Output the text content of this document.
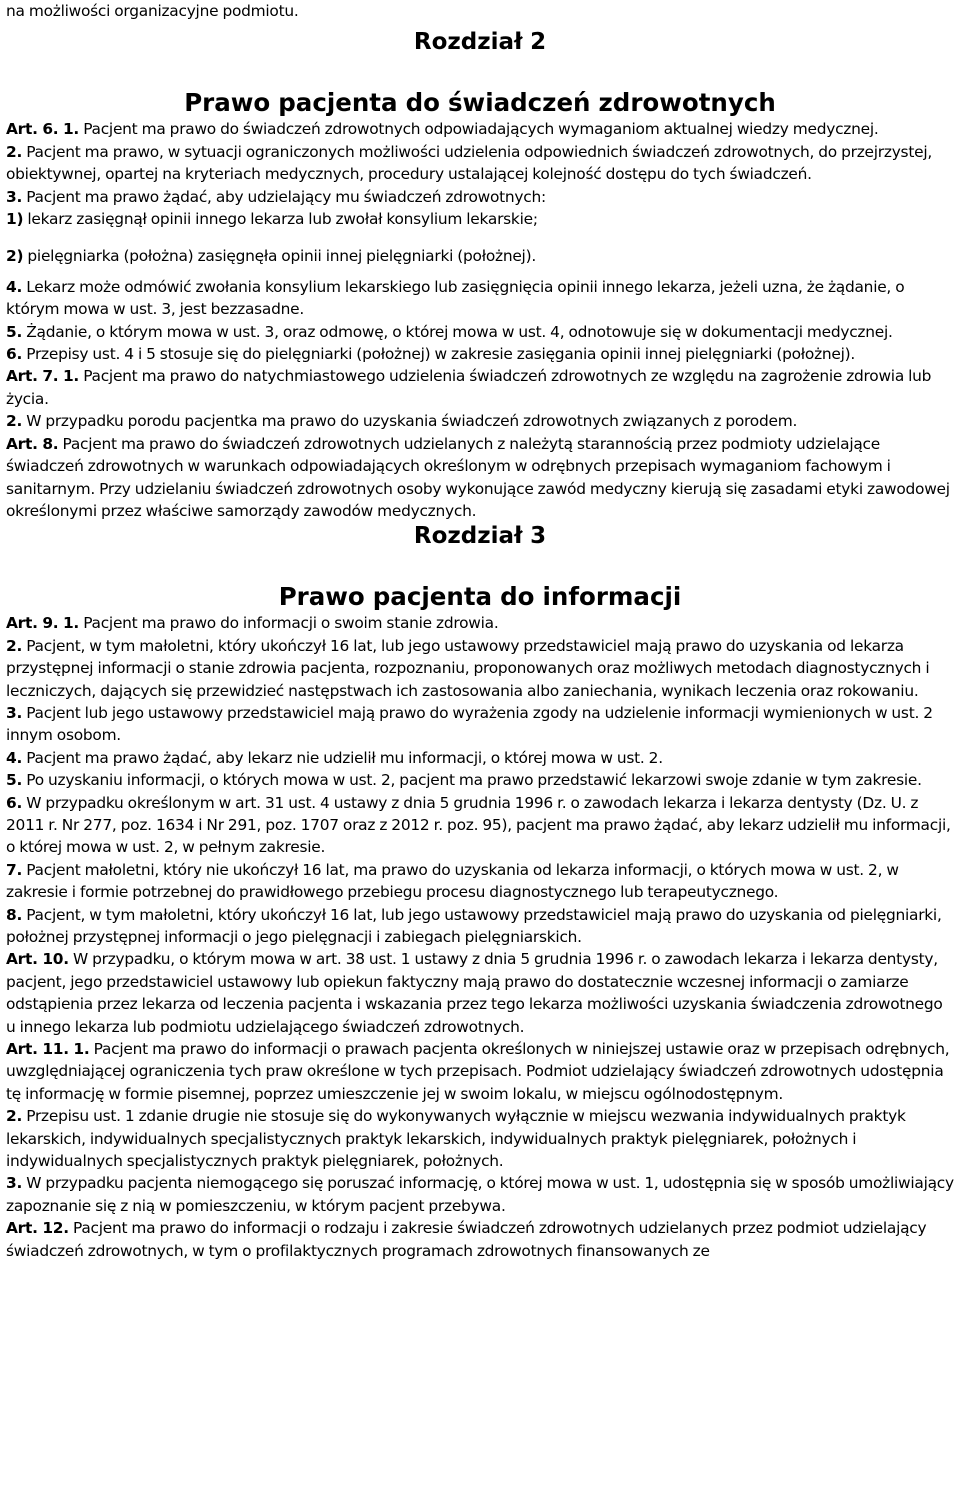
na możliwości organizacyjne podmiotu.

Rozdział 2
Prawo pacjenta do świadczeń zdrowotnych

Art. 6. 1. Pacjent ma prawo do świadczeń zdrowotnych odpowiadających wymaganiom aktualnej wiedzy medycznej.

2. Pacjent ma prawo, w sytuacji ograniczonych możliwości udzielenia odpowiednich świadczeń zdrowotnych, do przejrzystej, obiektywnej, opartej na kryteriach medycznych, procedury ustalającej kolejność dostępu do tych świadczeń.

3. Pacjent ma prawo żądać, aby udzielający mu świadczeń zdrowotnych:

1) lekarz zasięgnął opinii innego lekarza lub zwołał konsylium lekarskie;

2) pielęgniarka (położna) zasięgnęła opinii innej pielęgniarki (położnej).

4. Lekarz może odmówić zwołania konsylium lekarskiego lub zasięgnięcia opinii innego lekarza, jeżeli uzna, że żądanie, o którym mowa w ust. 3, jest bezzasadne.

5. Żądanie, o którym mowa w ust. 3, oraz odmowę, o której mowa w ust. 4, odnotowuje się w dokumentacji medycznej.

6. Przepisy ust. 4 i 5 stosuje się do pielęgniarki (położnej) w zakresie zasięgania opinii innej pielęgniarki (położnej).

Art. 7. 1. Pacjent ma prawo do natychmiastowego udzielenia świadczeń zdrowotnych ze względu na zagrożenie zdrowia lub życia.

2. W przypadku porodu pacjentka ma prawo do uzyskania świadczeń zdrowotnych związanych z porodem.

Art. 8. Pacjent ma prawo do świadczeń zdrowotnych udzielanych z należytą starannością przez podmioty udzielające świadczeń zdrowotnych w warunkach odpowiadających określonym w odrębnych przepisach wymaganiom fachowym i sanitarnym. Przy udzielaniu świadczeń zdrowotnych osoby wykonujące zawód medyczny kierują się zasadami etyki zawodowej określonymi przez właściwe samorządy zawodów medycznych.

Rozdział 3
Prawo pacjenta do informacji

Art. 9. 1. Pacjent ma prawo do informacji o swoim stanie zdrowia.

2. Pacjent, w tym małoletni, który ukończył 16 lat, lub jego ustawowy przedstawiciel mają prawo do uzyskania od lekarza przystępnej informacji o stanie zdrowia pacjenta, rozpoznaniu, proponowanych oraz możliwych metodach diagnostycznych i leczniczych, dających się przewidzieć następstwach ich zastosowania albo zaniechania, wynikach leczenia oraz rokowaniu.

3. Pacjent lub jego ustawowy przedstawiciel mają prawo do wyrażenia zgody na udzielenie informacji wymienionych w ust. 2 innym osobom.

4. Pacjent ma prawo żądać, aby lekarz nie udzielił mu informacji, o której mowa w ust. 2.

5. Po uzyskaniu informacji, o których mowa w ust. 2, pacjent ma prawo przedstawić lekarzowi swoje zdanie w tym zakresie.

6. W przypadku określonym w art. 31 ust. 4 ustawy z dnia 5 grudnia 1996 r. o zawodach lekarza i lekarza dentysty (Dz. U. z 2011 r. Nr 277, poz. 1634 i Nr 291, poz. 1707 oraz z 2012 r. poz. 95), pacjent ma prawo żądać, aby lekarz udzielił mu informacji, o której mowa w ust. 2, w pełnym zakresie.

7. Pacjent małoletni, który nie ukończył 16 lat, ma prawo do uzyskania od lekarza informacji, o których mowa w ust. 2, w zakresie i formie potrzebnej do prawidłowego przebiegu procesu diagnostycznego lub terapeutycznego.

8. Pacjent, w tym małoletni, który ukończył 16 lat, lub jego ustawowy przedstawiciel mają prawo do uzyskania od pielęgniarki, położnej przystępnej informacji o jego pielęgnacji i zabiegach pielęgniarskich.

Art. 10. W przypadku, o którym mowa w art. 38 ust. 1 ustawy z dnia 5 grudnia 1996 r. o zawodach lekarza i lekarza dentysty, pacjent, jego przedstawiciel ustawowy lub opiekun faktyczny mają prawo do dostatecznie wczesnej informacji o zamiarze odstąpienia przez lekarza od leczenia pacjenta i wskazania przez tego lekarza możliwości uzyskania świadczenia zdrowotnego u innego lekarza lub podmiotu udzielającego świadczeń zdrowotnych.

Art. 11. 1. Pacjent ma prawo do informacji o prawach pacjenta określonych w niniejszej ustawie oraz w przepisach odrębnych, uwzględniającej ograniczenia tych praw określone w tych przepisach. Podmiot udzielający świadczeń zdrowotnych udostępnia tę informację w formie pisemnej, poprzez umieszczenie jej w swoim lokalu, w miejscu ogólnodostępnym.

2. Przepisu ust. 1 zdanie drugie nie stosuje się do wykonywanych wyłącznie w miejscu wezwania indywidualnych praktyk lekarskich, indywidualnych specjalistycznych praktyk lekarskich, indywidualnych praktyk pielęgniarek, położnych i indywidualnych specjalistycznych praktyk pielęgniarek, położnych.

3. W przypadku pacjenta niemogącego się poruszać informację, o której mowa w ust. 1, udostępnia się w sposób umożliwiający zapoznanie się z nią w pomieszczeniu, w którym pacjent przebywa.

Art. 12. Pacjent ma prawo do informacji o rodzaju i zakresie świadczeń zdrowotnych udzielanych przez podmiot udzielający świadczeń zdrowotnych, w tym o profilaktycznych programach zdrowotnych finansowanych ze
